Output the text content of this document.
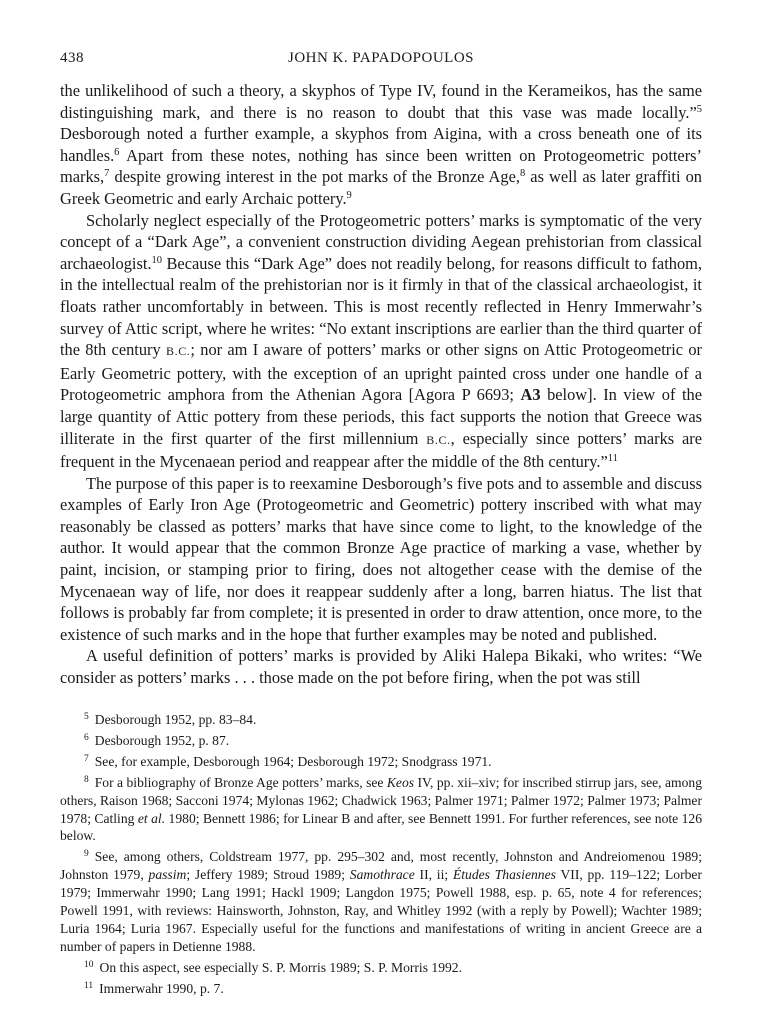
438	JOHN K. PAPADOPOULOS

the unlikelihood of such a theory, a skyphos of Type IV, found in the Kerameikos, has the same distinguishing mark, and there is no reason to doubt that this vase was made locally.”$^5$ Desborough noted a further example, a skyphos from Aigina, with a cross beneath one of its handles.$^6$ Apart from these notes, nothing has since been written on Protogeometric potters’ marks,$^7$ despite growing interest in the pot marks of the Bronze Age,$^8$ as well as later graffiti on Greek Geometric and early Archaic pottery.$^9$

Scholarly neglect especially of the Protogeometric potters’ marks is symptomatic of the very concept of a “Dark Age”, a convenient construction dividing Aegean prehistorian from classical archaeologist.$^{10}$ Because this “Dark Age” does not readily belong, for reasons difficult to fathom, in the intellectual realm of the prehistorian nor is it firmly in that of the classical archaeologist, it floats rather uncomfortably in between. This is most recently reflected in Henry Immerwahr’s survey of Attic script, where he writes: “No extant inscriptions are earlier than the third quarter of the 8th century B.C.; nor am I aware of potters’ marks or other signs on Attic Protogeometric or Early Geometric pottery, with the exception of an upright painted cross under one handle of a Protogeometric amphora from the Athenian Agora [Agora P 6693; A3 below]. In view of the large quantity of Attic pottery from these periods, this fact supports the notion that Greece was illiterate in the first quarter of the first millennium B.C., especially since potters’ marks are frequent in the Mycenaean period and reappear after the middle of the 8th century.”$^{11}$

The purpose of this paper is to reexamine Desborough’s five pots and to assemble and discuss examples of Early Iron Age (Protogeometric and Geometric) pottery inscribed with what may reasonably be classed as potters’ marks that have since come to light, to the knowledge of the author. It would appear that the common Bronze Age practice of marking a vase, whether by paint, incision, or stamping prior to firing, does not altogether cease with the demise of the Mycenaean way of life, nor does it reappear suddenly after a long, barren hiatus. The list that follows is probably far from complete; it is presented in order to draw attention, once more, to the existence of such marks and in the hope that further examples may be noted and published.

A useful definition of potters’ marks is provided by Aliki Halepa Bikaki, who writes: “We consider as potters’ marks . . . those made on the pot before firing, when the pot was still

$^5$ Desborough 1952, pp. 83–84.

$^6$ Desborough 1952, p. 87.

$^7$ See, for example, Desborough 1964; Desborough 1972; Snodgrass 1971.

$^8$ For a bibliography of Bronze Age potters’ marks, see Keos IV, pp. xii–xiv; for inscribed stirrup jars, see, among others, Raison 1968; Sacconi 1974; Mylonas 1962; Chadwick 1963; Palmer 1971; Palmer 1972; Palmer 1973; Palmer 1978; Catling et al. 1980; Bennett 1986; for Linear B and after, see Bennett 1991. For further references, see note 126 below.

$^9$ See, among others, Coldstream 1977, pp. 295–302 and, most recently, Johnston and Andreiomenou 1989; Johnston 1979, passim; Jeffery 1989; Stroud 1989; Samothrace II, ii; Études Thasiennes VII, pp. 119–122; Lorber 1979; Immerwahr 1990; Lang 1991; Hackl 1909; Langdon 1975; Powell 1988, esp. p. 65, note 4 for references; Powell 1991, with reviews: Hainsworth, Johnston, Ray, and Whitley 1992 (with a reply by Powell); Wachter 1989; Luria 1964; Luria 1967. Especially useful for the functions and manifestations of writing in ancient Greece are a number of papers in Detienne 1988.

$^{10}$ On this aspect, see especially S. P. Morris 1989; S. P. Morris 1992.

$^{11}$ Immerwahr 1990, p. 7.
